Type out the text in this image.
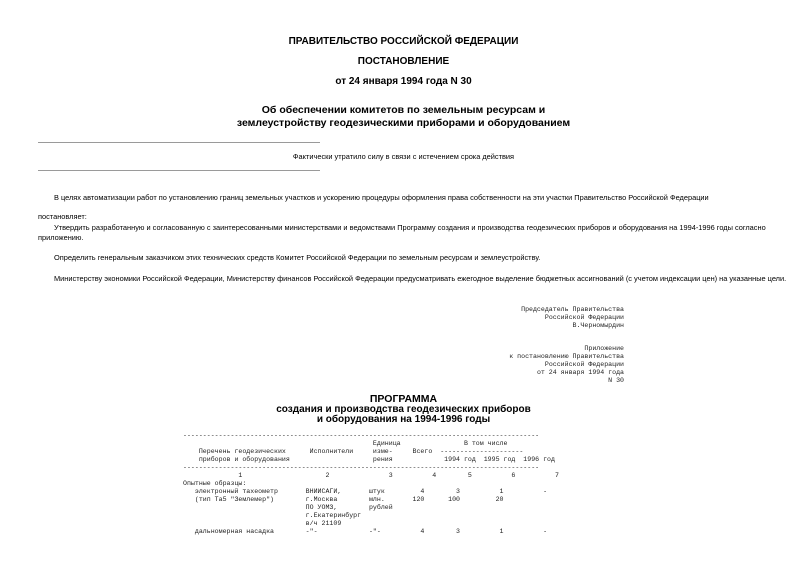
ПРАВИТЕЛЬСТВО РОССИЙСКОЙ ФЕДЕРАЦИИ
ПОСТАНОВЛЕНИЕ
от 24 января 1994 года N 30
Об обеспечении комитетов по земельным ресурсам и
землеустройству геодезическими приборами и оборудованием
Фактически утратило силу в связи с истечением срока действия
В целях автоматизации работ по установлению границ земельных участков и ускорению процедуры оформления права собственности на эти участки Правительство Российской Федерации
постановляет:
Утвердить разработанную и согласованную с заинтересованными министерствами и ведомствами Программу создания и производства геодезических приборов и оборудования на 1994-1996 годы согласно
приложению.
Определить генеральным заказчиком этих технических средств Комитет Российской Федерации по земельным ресурсам и землеустройству.
Министерству экономики Российской Федерации, Министерству финансов Российской Федерации предусматривать ежегодное выделение бюджетных ассигнований (с учетом индексации цен) на указанные цели.
Председатель Правительства
Российской Федерации
В.Черномырдин
Приложение
к постановлению Правительства
Российской Федерации
от 24 января 1994 года
N 30
ПРОГРАММА
создания и производства геодезических приборов
и оборудования на 1994-1996 годы
------------------------------------------------------------------------------------------
Единица                В том числе
Перечень геодезических      Исполнители     изме-     Всего  ---------------------
приборов и оборудования                     рения             1994 год  1995 год  1996 год
------------------------------------------------------------------------------------------
1                     2               3          4        5          6          7
Опытные образцы:
электронный тахеометр       ВНИИСАГИ,       штук         4        3          1          -
(тип Та5 "Землемер")        г.Москва        млн.       120      100         20
ПО УОМЗ,        рублей
г.Екатеринбург
в/ч 21109
дальномерная насадка        -"-             -"-          4        3          1          -
